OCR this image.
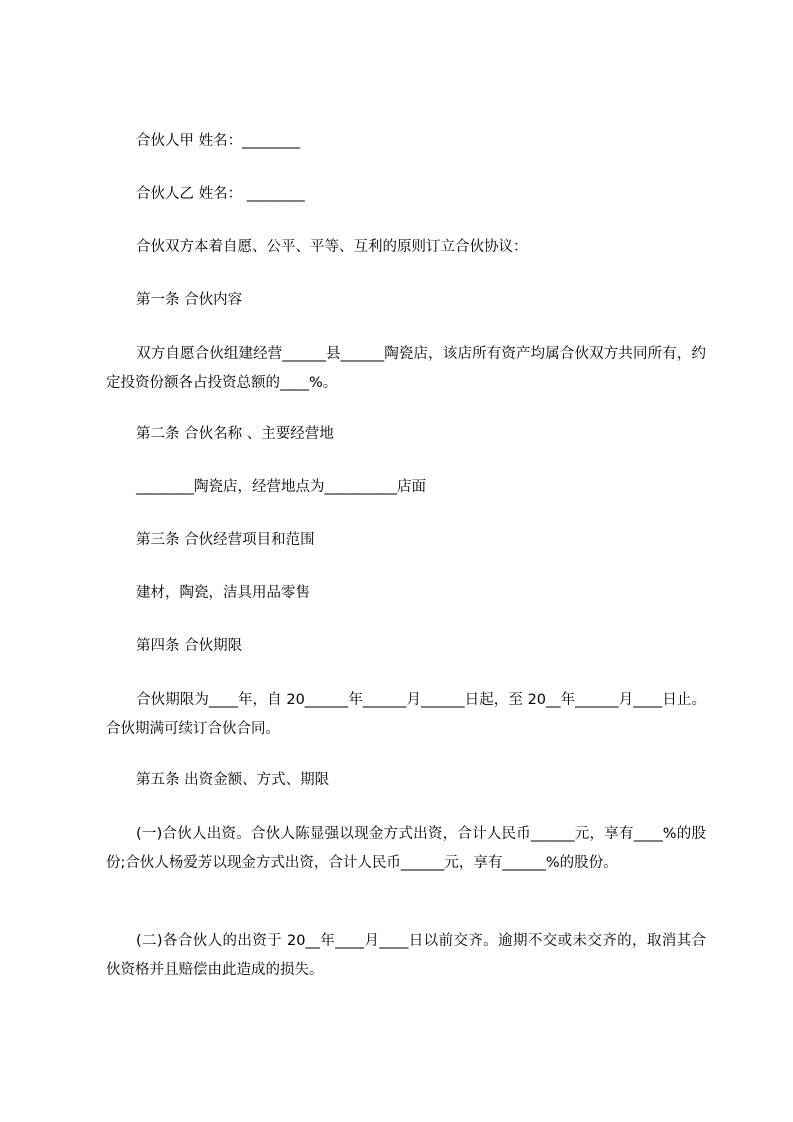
合伙人甲 姓名：________
合伙人乙 姓名： ________
合伙双方本着自愿、公平、平等、互利的原则订立合伙协议：
第一条 合伙内容
双方自愿合伙组建经营______县______陶瓷店，该店所有资产均属合伙双方共同所有，约定投资份额各占投资总额的____%。
第二条 合伙名称 、主要经营地
________陶瓷店，经营地点为__________店面
第三条 合伙经营项目和范围
建材，陶瓷，洁具用品零售
第四条 合伙期限
合伙期限为____年，自 20______年______月______日起，至 20__年______月____日止。合伙期满可续订合伙合同。
第五条 出资金额、方式、期限
(一)合伙人出资。合伙人陈显强以现金方式出资，合计人民币______元，享有____%的股份;合伙人杨爱芳以现金方式出资，合计人民币______元，享有______%的股份。
(二)各合伙人的出资于 20__年____月____日以前交齐。逾期不交或未交齐的，取消其合伙资格并且赔偿由此造成的损失。
